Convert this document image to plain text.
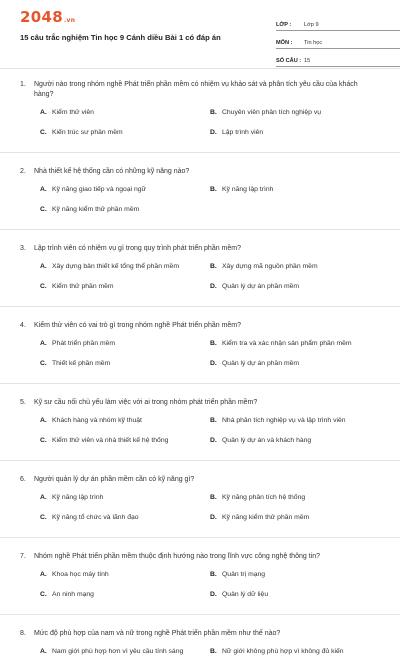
2048.vn
15 câu trắc nghiệm Tin học 9 Cánh diều Bài 1 có đáp án
LỚP :	Lớp 9
MÔN :	Tin học
SỐ CÂU : 15
1.	Người nào trong nhóm nghề Phát triển phần mềm có nhiệm vụ khảo sát và phân tích yêu cầu của khách hàng?
A. Kiểm thử viên	B. Chuyên viên phân tích nghiệp vụ
C. Kiến trúc sư phần mềm	D. Lập trình viên
2.	Nhà thiết kế hệ thống cần có những kỹ năng nào?
A. Kỹ năng giao tiếp và ngoại ngữ	B. Kỹ năng lập trình
C. Kỹ năng kiểm thử phần mềm
3.	Lập trình viên có nhiệm vụ gì trong quy trình phát triển phần mềm?
A. Xây dựng bản thiết kế tổng thể phần mềm	B. Xây dựng mã nguồn phần mềm
C. Kiểm thử phần mềm	D. Quản lý dự án phần mềm
4.	Kiểm thử viên có vai trò gì trong nhóm nghề Phát triển phần mềm?
A. Phát triển phần mềm	B. Kiểm tra và xác nhận sản phẩm phần mềm
C. Thiết kế phần mềm	D. Quản lý dự án phần mềm
5.	Kỹ sư cầu nối chủ yếu làm việc với ai trong nhóm phát triển phần mềm?
A. Khách hàng và nhóm kỹ thuật	B. Nhà phân tích nghiệp vụ và lập trình viên
C. Kiểm thử viên và nhà thiết kế hệ thống	D. Quản lý dự án và khách hàng
6.	Người quản lý dự án phần mềm cần có kỹ năng gì?
A. Kỹ năng lập trình	B. Kỹ năng phân tích hệ thống
C. Kỹ năng tổ chức và lãnh đạo	D. Kỹ năng kiểm thử phần mềm
7.	Nhóm nghề Phát triển phần mềm thuộc định hướng nào trong lĩnh vực công nghệ thông tin?
A. Khoa học máy tính	B. Quản trị mạng
C. An ninh mạng	D. Quản lý dữ liệu
8.	Mức độ phù hợp của nam và nữ trong nghề Phát triển phần mềm như thế nào?
A. Nam giới phù hợp hơn vì yêu cầu tính sáng	B. Nữ giới không phù hợp vì không đủ kiến
